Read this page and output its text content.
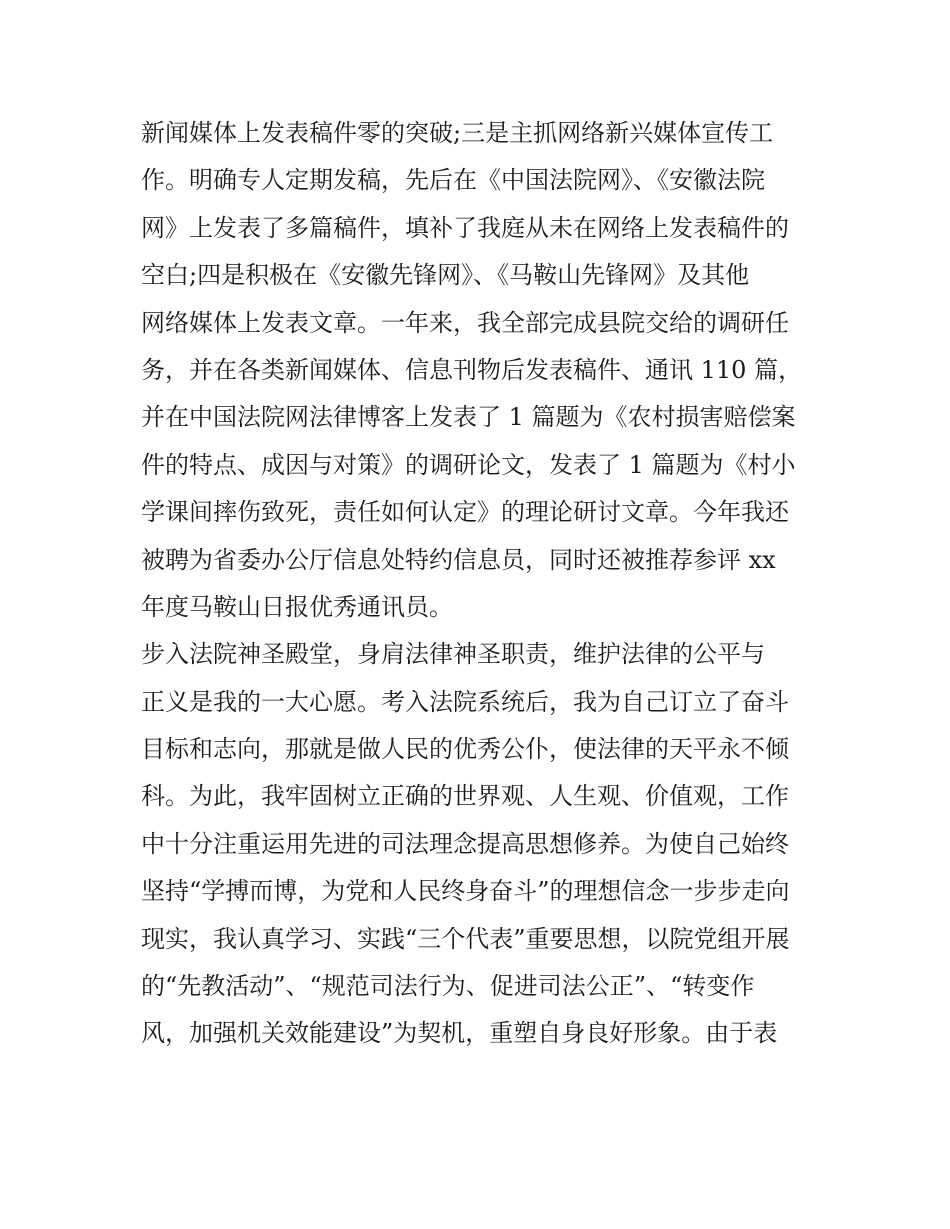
新闻媒体上发表稿件零的突破;三是主抓网络新兴媒体宣传工
作。明确专人定期发稿，先后在《中国法院网》、《安徽法院
网》上发表了多篇稿件，填补了我庭从未在网络上发表稿件的
空白;四是积极在《安徽先锋网》、《马鞍山先锋网》及其他
网络媒体上发表文章。一年来，我全部完成县院交给的调研任
务，并在各类新闻媒体、信息刊物后发表稿件、通讯 110 篇，
并在中国法院网法律博客上发表了 1 篇题为《农村损害赔偿案
件的特点、成因与对策》的调研论文，发表了 1 篇题为《村小
学课间摔伤致死，责任如何认定》的理论研讨文章。今年我还
被聘为省委办公厅信息处特约信息员，同时还被推荐参评 xx
年度马鞍山日报优秀通讯员。
步入法院神圣殿堂，身肩法律神圣职责，维护法律的公平与
正义是我的一大心愿。考入法院系统后，我为自己订立了奋斗
目标和志向，那就是做人民的优秀公仆，使法律的天平永不倾
科。为此，我牢固树立正确的世界观、人生观、价值观，工作
中十分注重运用先进的司法理念提高思想修养。为使自己始终
坚持“学搏而博，为党和人民终身奋斗”的理想信念一步步走向
现实，我认真学习、实践“三个代表”重要思想，以院党组开展
的“先教活动”、“规范司法行为、促进司法公正”、“转变作
风，加强机关效能建设”为契机，重塑自身良好形象。由于表
